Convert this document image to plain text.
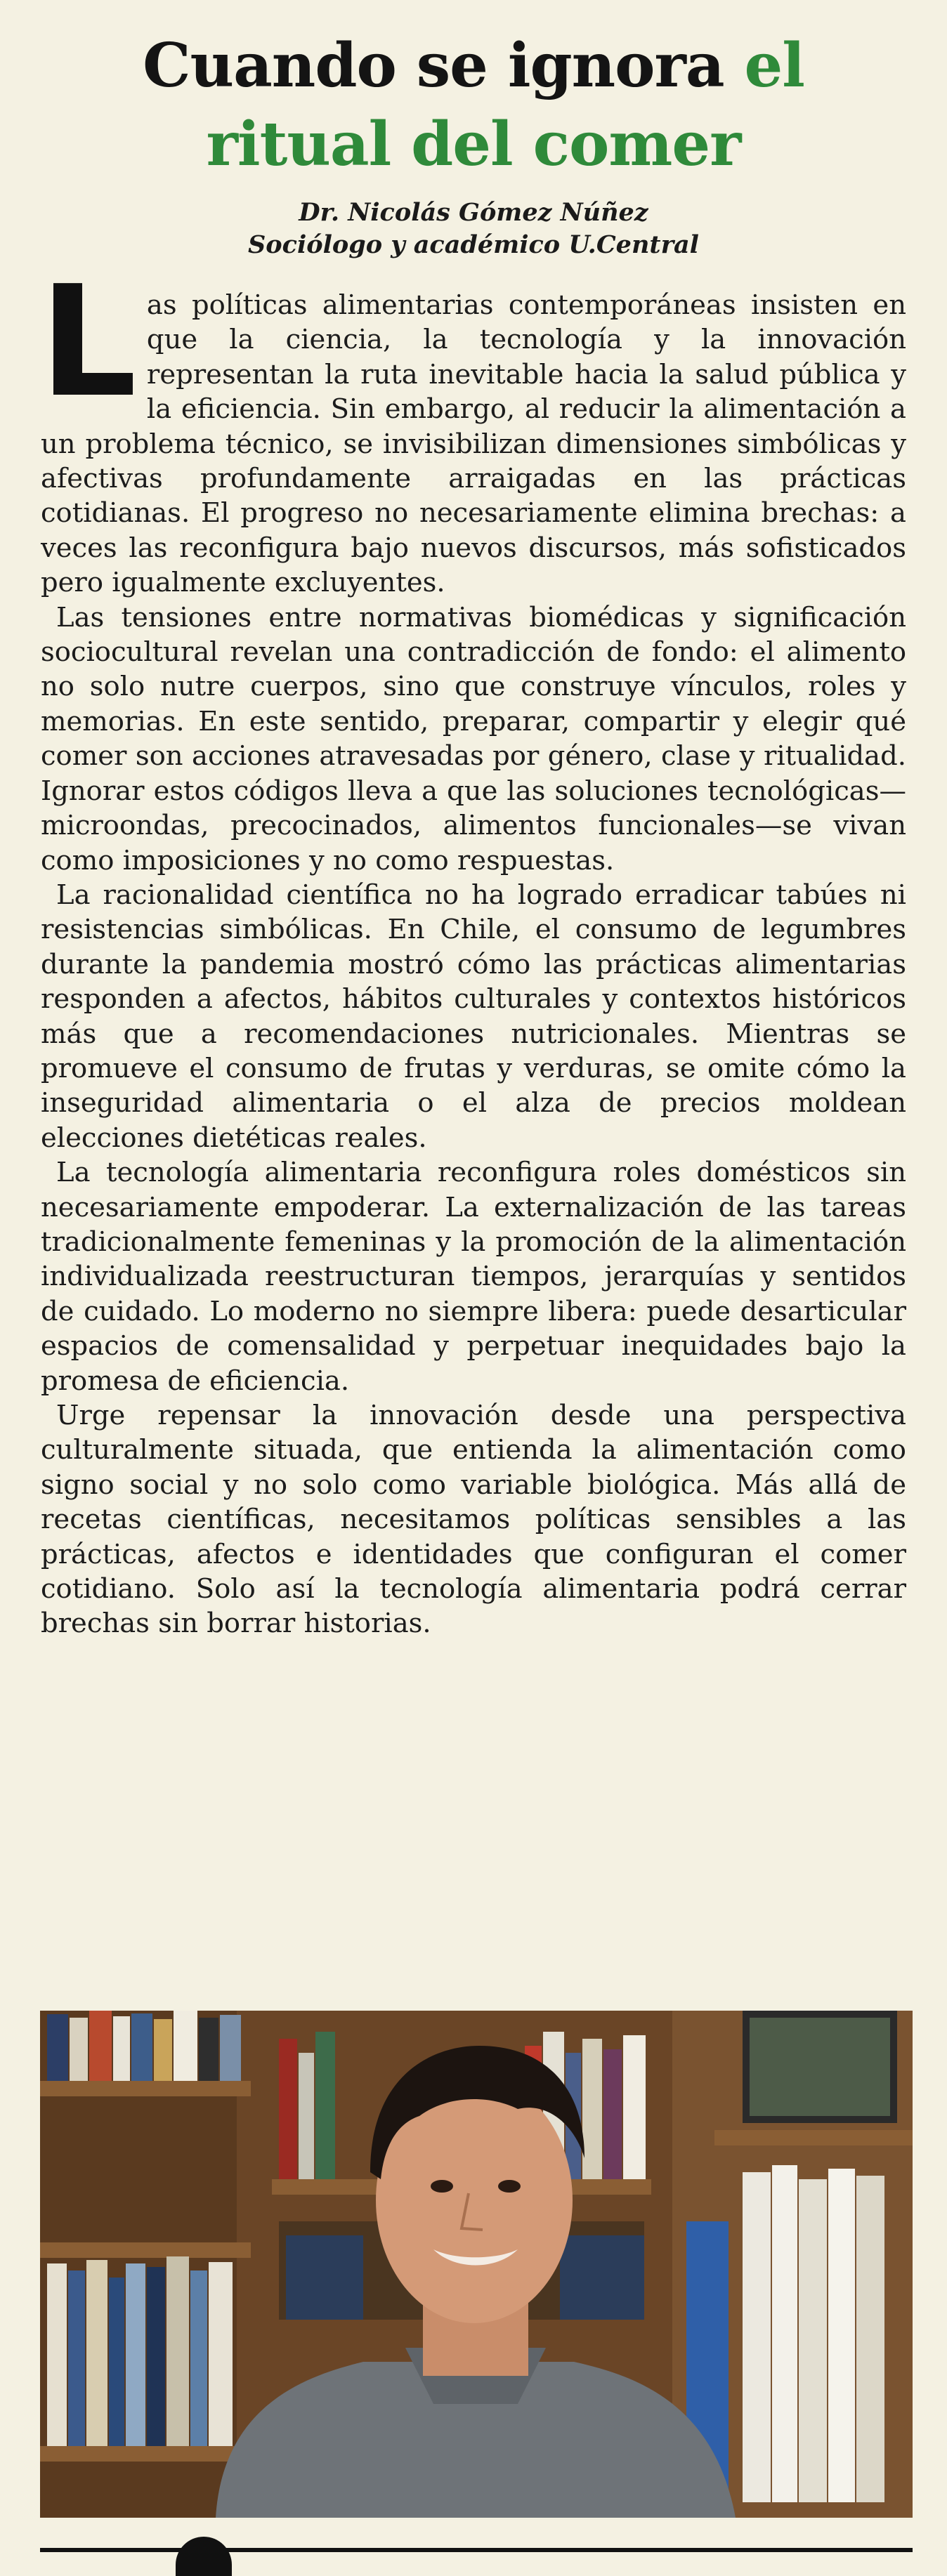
Cuando se ignora el
ritual del comer
Dr. Nicolás Gómez Núñez
Sociólogo y académico U.Central

Las políticas alimentarias contemporáneas insisten en que la ciencia, la tecnología y la innovación representan la ruta inevitable hacia la salud pública y la eficiencia. Sin embargo, al reducir la alimentación a un problema técnico, se invisibilizan dimensiones simbólicas y afectivas profundamente arraigadas en las prácticas cotidianas. El progreso no necesariamente elimina brechas: a veces las reconfigura bajo nuevos discursos, más sofisticados pero igualmente excluyentes.

Las tensiones entre normativas biomédicas y significación sociocultural revelan una contradicción de fondo: el alimento no solo nutre cuerpos, sino que construye vínculos, roles y memorias. En este sentido, preparar, compartir y elegir qué comer son acciones atravesadas por género, clase y ritualidad. Ignorar estos códigos lleva a que las soluciones tecnológicas—microondas, precocinados, alimentos funcionales—se vivan como imposiciones y no como respuestas.

La racionalidad científica no ha logrado erradicar tabúes ni resistencias simbólicas. En Chile, el consumo de legumbres durante la pandemia mostró cómo las prácticas alimentarias responden a afectos, hábitos culturales y contextos históricos más que a recomendaciones nutricionales. Mientras se promueve el consumo de frutas y verduras, se omite cómo la inseguridad alimentaria o el alza de precios moldean elecciones dietéticas reales.

La tecnología alimentaria reconfigura roles domésticos sin necesariamente empoderar. La externalización de las tareas tradicionalmente femeninas y la promoción de la alimentación individualizada reestructuran tiempos, jerarquías y sentidos de cuidado. Lo moderno no siempre libera: puede desarticular espacios de comensalidad y perpetuar inequidades bajo la promesa de eficiencia.

Urge repensar la innovación desde una perspectiva culturalmente situada, que entienda la alimentación como signo social y no solo como variable biológica. Más allá de recetas científicas, necesitamos políticas sensibles a las prácticas, afectos e identidades que configuran el comer cotidiano. Solo así la tecnología alimentaria podrá cerrar brechas sin borrar historias.
